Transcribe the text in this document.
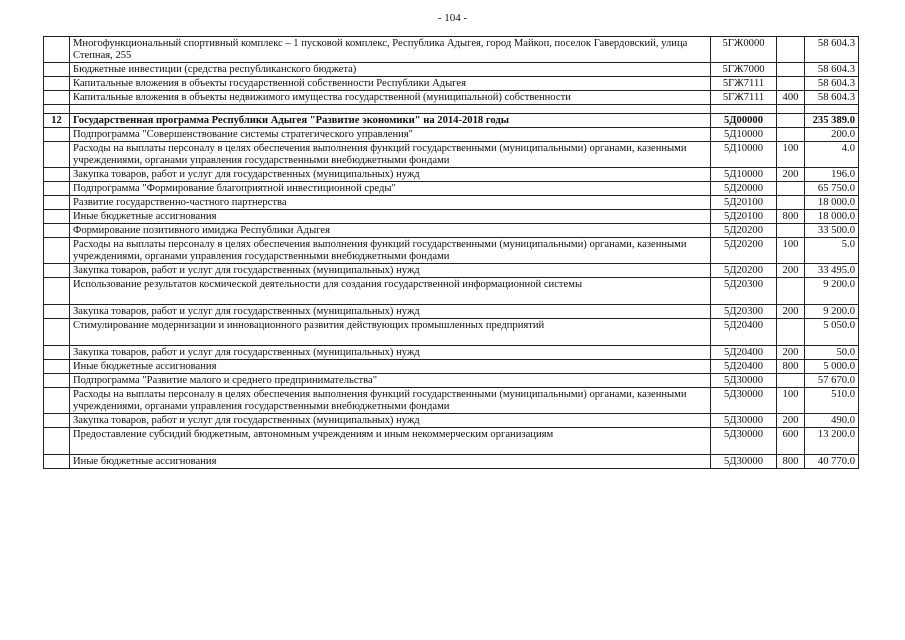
- 104 -
	Многофункциональный спортивный комплекс – 1 пусковой комплекс, Республика Адыгея, город Майкоп, поселок Гавердовский, улица Степная, 255	5ГЖ0000		58 604.3
	Бюджетные инвестиции (средства республиканского бюджета)	5ГЖ7000		58 604.3
	Капитальные вложения в объекты государственной собственности Республики Адыгея	5ГЖ7111		58 604.3
	Капитальные вложения в объекты недвижимого имущества государственной (муниципальной) собственности	5ГЖ7111	400	58 604.3

12	Государственная программа Республики Адыгея "Развитие экономики" на 2014-2018 годы	5Д00000		235 389.0
	Подпрограмма "Совершенствование системы стратегического управления"	5Д10000		200.0
	Расходы на выплаты персоналу в целях обеспечения выполнения функций государственными (муниципальными) органами, казенными учреждениями, органами управления государственными внебюджетными фондами	5Д10000	100	4.0
	Закупка товаров, работ и услуг для государственных (муниципальных) нужд	5Д10000	200	196.0
	Подпрограмма "Формирование благоприятной инвестиционной среды"	5Д20000		65 750.0
	Развитие государственно-частного партнерства	5Д20100		18 000.0
	Иные бюджетные ассигнования	5Д20100	800	18 000.0
	Формирование позитивного имиджа Республики Адыгея	5Д20200		33 500.0
	Расходы на выплаты персоналу в целях обеспечения выполнения функций государственными (муниципальными) органами, казенными учреждениями, органами управления государственными внебюджетными фондами	5Д20200	100	5.0
	Закупка товаров, работ и услуг для государственных (муниципальных) нужд	5Д20200	200	33 495.0
	Использование результатов космической деятельности для создания государственной информационной системы	5Д20300		9 200.0
	Закупка товаров, работ и услуг для государственных (муниципальных) нужд	5Д20300	200	9 200.0
	Стимулирование модернизации и инновационного развития действующих промышленных предприятий	5Д20400		5 050.0
	Закупка товаров, работ и услуг для государственных (муниципальных) нужд	5Д20400	200	50.0
	Иные бюджетные ассигнования	5Д20400	800	5 000.0
	Подпрограмма "Развитие малого и среднего предпринимательства"	5Д30000		57 670.0
	Расходы на выплаты персоналу в целях обеспечения выполнения функций государственными (муниципальными) органами, казенными учреждениями, органами управления государственными внебюджетными фондами	5Д30000	100	510.0
	Закупка товаров, работ и услуг для государственных (муниципальных) нужд	5Д30000	200	490.0
	Предоставление субсидий бюджетным, автономным учреждениям и иным некоммерческим организациям	5Д30000	600	13 200.0
	Иные бюджетные ассигнования	5Д30000	800	40 770.0
